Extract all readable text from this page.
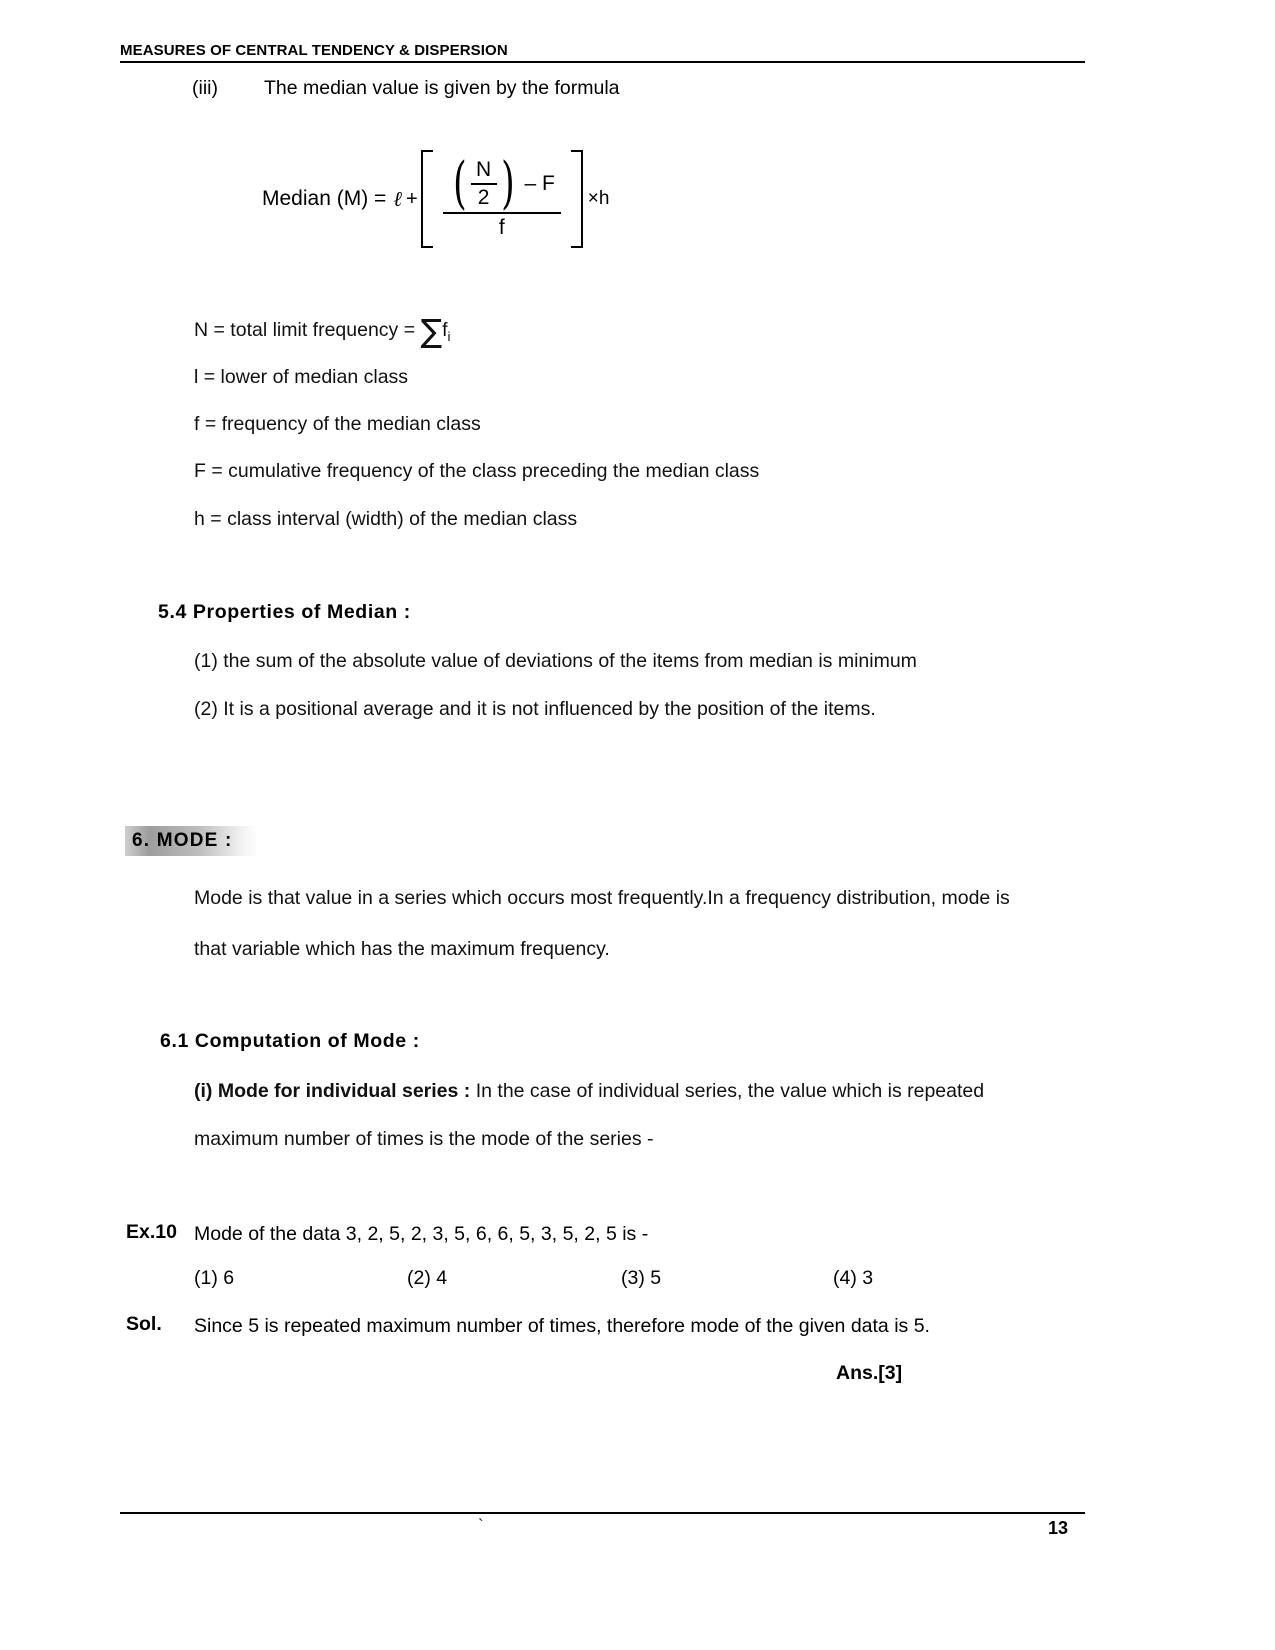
MEASURES OF CENTRAL TENDENCY & DISPERSION
(iii) The median value is given by the formula
Median (M) = ℓ + ( $\frac{N}{2}$ ) – F
f
×h
N = total limit frequency = $\sum f_i$
l = lower of median class
f = frequency of the median class
F = cumulative frequency of the class preceding the median class
h = class interval (width) of the median class
5.4 Properties of Median :
(1) the sum of the absolute value of deviations of the items from median is minimum
(2) It is a positional average and it is not influenced by the position of the items.
6. MODE :
Mode is that value in a series which occurs most frequently.In a frequency distribution, mode is
that variable which has the maximum frequency.
6.1 Computation of Mode :
(i) Mode for individual series : In the case of individual series, the value which is repeated
maximum number of times is the mode of the series -
Ex.10 Mode of the data 3, 2, 5, 2, 3, 5, 6, 6, 5, 3, 5, 2, 5 is -
(1) 6	(2) 4	(3) 5	(4) 3
Sol. Since 5 is repeated maximum number of times, therefore mode of the given data is 5.
Ans.[3]
`	13
